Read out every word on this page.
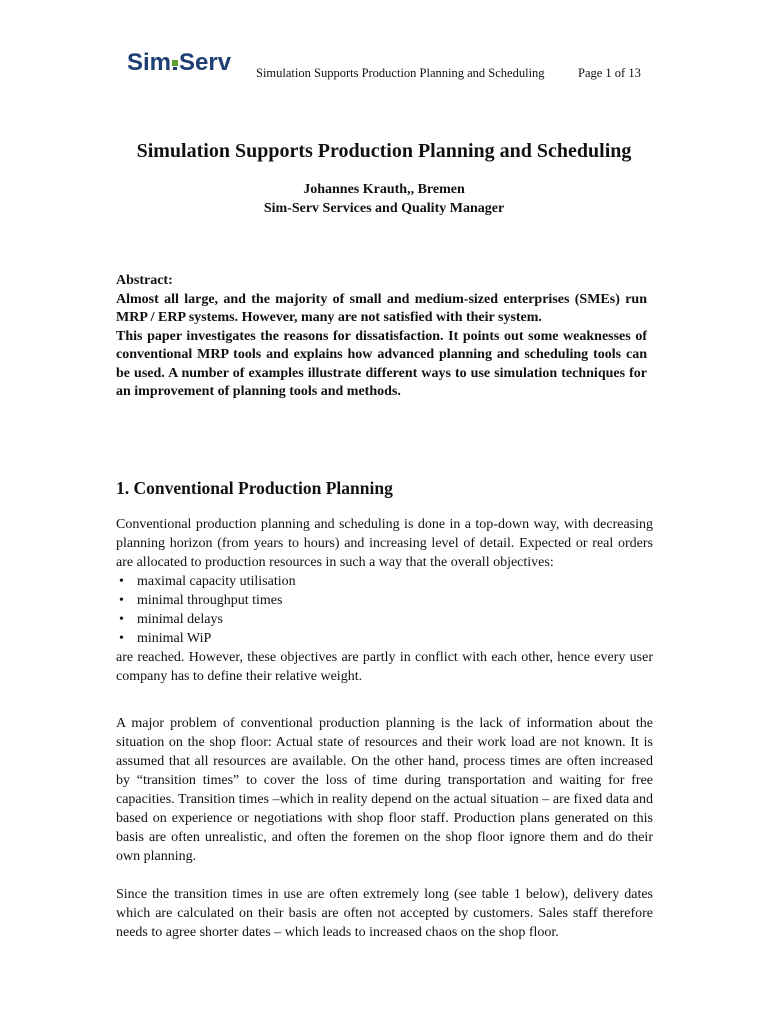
Sim Serv Simulation Supports Production Planning and Scheduling	Page 1 of 13
Simulation Supports Production Planning and Scheduling
Johannes Krauth,, Bremen
Sim-Serv Services and Quality Manager

Abstract:

Almost all large, and the majority of small and medium-sized enterprises (SMEs) run MRP / ERP systems. However, many are not satisfied with their system.

This paper investigates the reasons for dissatisfaction. It points out some weaknesses of conventional MRP tools and explains how advanced planning and scheduling tools can be used. A number of examples illustrate different ways to use simulation techniques for an improvement of planning tools and methods.

1. Conventional Production Planning

Conventional production planning and scheduling is done in a top-down way, with decreasing planning horizon (from years to hours) and increasing level of detail. Expected or real orders are allocated to production resources in such a way that the overall objectives:

• maximal capacity utilisation
• minimal throughput times
• minimal delays
• minimal WiP

are reached. However, these objectives are partly in conflict with each other, hence every user company has to define their relative weight.

A major problem of conventional production planning is the lack of information about the situation on the shop floor: Actual state of resources and their work load are not known. It is assumed that all resources are available. On the other hand, process times are often increased by “transition times” to cover the loss of time during transportation and waiting for free capacities. Transition times –which in reality depend on the actual situation – are fixed data and based on experience or negotiations with shop floor staff. Production plans generated on this basis are often unrealistic, and often the foremen on the shop floor ignore them and do their own planning.

Since the transition times in use are often extremely long (see table 1 below), delivery dates which are calculated on their basis are often not accepted by customers. Sales staff therefore needs to agree shorter dates – which leads to increased chaos on the shop floor.
